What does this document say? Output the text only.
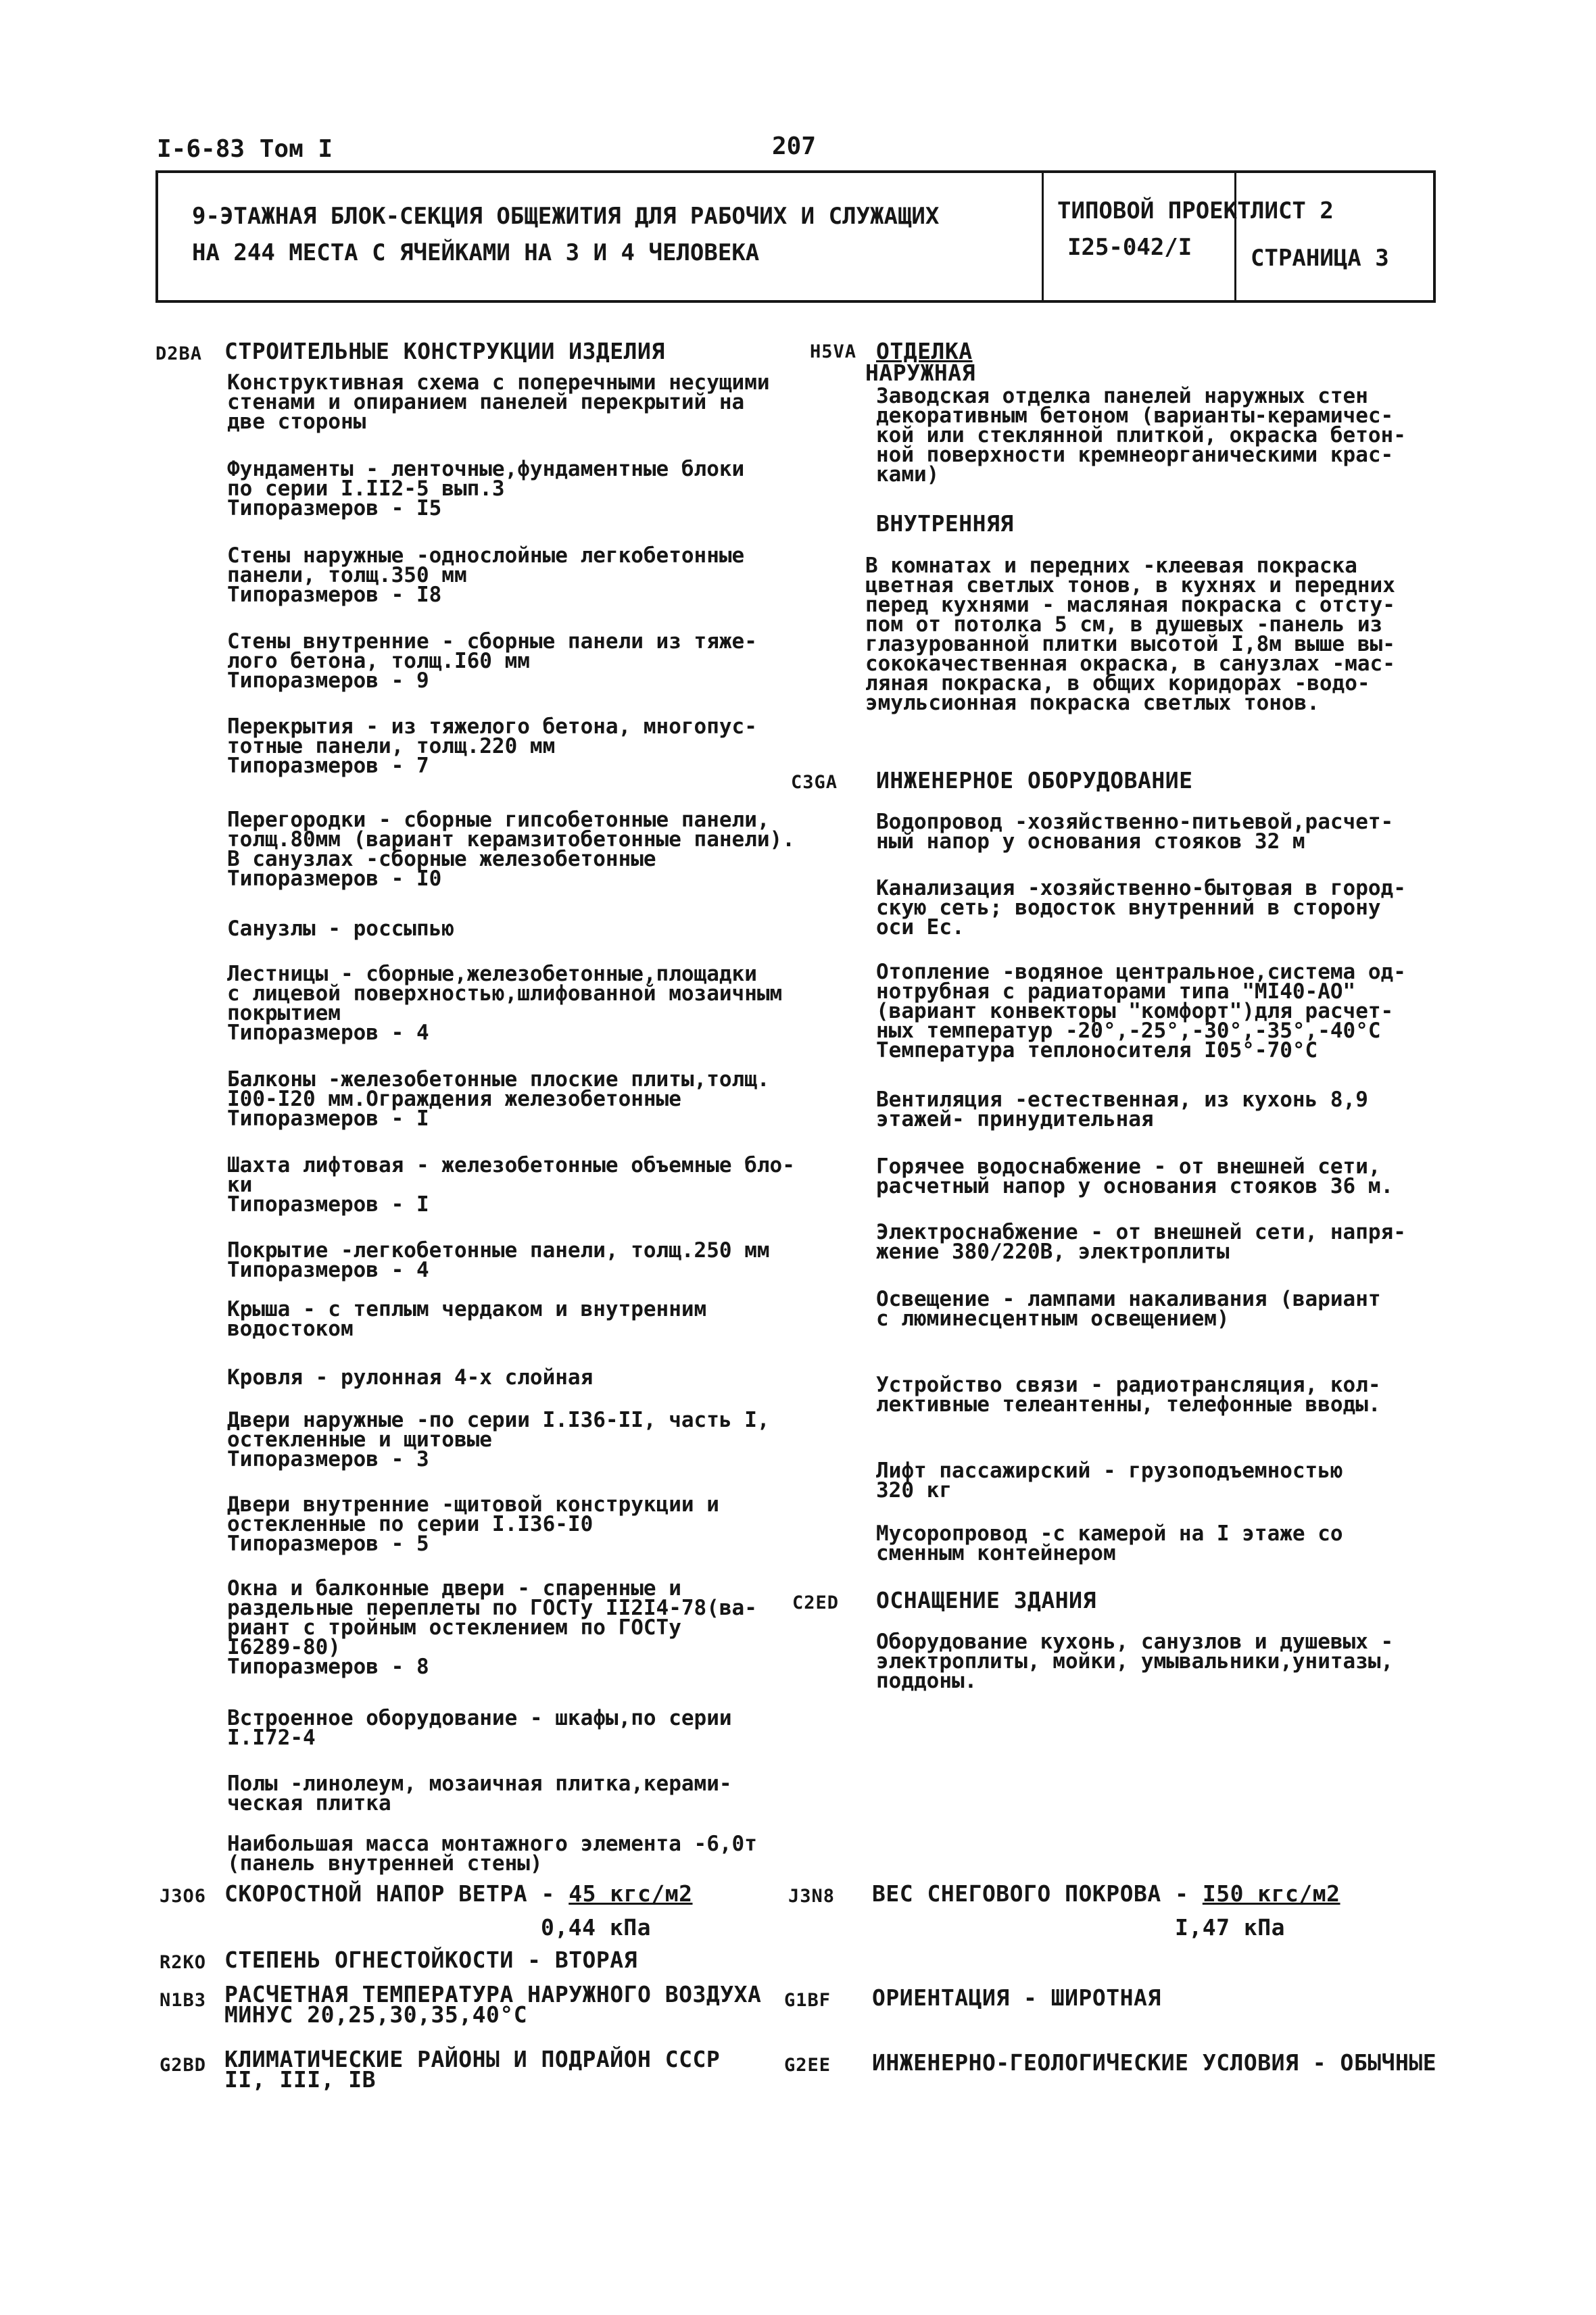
I-6-83 Том I	207
9-ЭТАЖНАЯ БЛОК-СЕКЦИЯ ОБЩЕЖИТИЯ ДЛЯ РАБОЧИХ И СЛУЖАЩИХ
НА 244 МЕСТА С ЯЧЕЙКАМИ НА 3 И 4 ЧЕЛОВЕКА
ТИПОВОЙ ПРОЕКТ
I25-042/I
ЛИСТ 2
СТРАНИЦА 3
D2BA СТРОИТЕЛЬНЫЕ КОНСТРУКЦИИ ИЗДЕЛИЯ
Конструктивная схема с поперечными несущими
стенами и опиранием панелей перекрытий на
две стороны
Фундаменты - ленточные,фундаментные блоки
по серии I.II2-5 вып.3
Типоразмеров - I5
Стены наружные -однослойные легкобетонные
панели, толщ.350 мм
Типоразмеров - I8
Стены внутренние - сборные панели из тяже-
лого бетона, толщ.I60 мм
Типоразмеров - 9
Перекрытия - из тяжелого бетона, многопус-
тотные панели, толщ.220 мм
Типоразмеров - 7
Перегородки - сборные гипсобетонные панели,
толщ.80мм (вариант керамзитобетонные панели).
В санузлах -сборные железобетонные
Типоразмеров - I0
Санузлы - россыпью
Лестницы - сборные,железобетонные,площадки
с лицевой поверхностью,шлифованной мозаичным
покрытием
Типоразмеров - 4
Балконы -железобетонные плоские плиты,толщ.
I00-I20 мм.Ограждения железобетонные
Типоразмеров - I
Шахта лифтовая - железобетонные объемные бло-
ки
Типоразмеров - I
Покрытие -легкобетонные панели, толщ.250 мм
Типоразмеров - 4
Крыша - с теплым чердаком и внутренним
водостоком
Кровля - рулонная 4-х слойная
Двери наружные -по серии I.I36-II, часть I,
остекленные и щитовые
Типоразмеров - 3
Двери внутренние -щитовой конструкции и
остекленные по серии I.I36-I0
Типоразмеров - 5
Окна и балконные двери - спаренные и
раздельные переплеты по ГОСТу II2I4-78(ва-
риант с тройным остеклением по ГОСТу
I6289-80)
Типоразмеров - 8
Встроенное оборудование - шкафы,по серии
I.I72-4
Полы -линолеум, мозаичная плитка,керами-
ческая плитка
Наибольшая масса монтажного элемента -6,0т
(панель внутренней стены)
H5VA ОТДЕЛКА
НАРУЖНАЯ
Заводская отделка панелей наружных стен
декоративным бетоном (варианты-керамичес-
кой или стеклянной плиткой, окраска бетон-
ной поверхности кремнеорганическими крас-
ками)
ВНУТРЕННЯЯ
В комнатах и передних -клеевая покраска
цветная светлых тонов, в кухнях и передних
перед кухнями - масляная покраска с отсту-
пом от потолка 5 см, в душевых -панель из
глазурованной плитки высотой I,8м выше вы-
сококачественная окраска, в санузлах -мас-
ляная покраска, в общих коридорах -водо-
эмульсионная покраска светлых тонов.
C3GA ИНЖЕНЕРНОЕ ОБОРУДОВАНИЕ
Водопровод -хозяйственно-питьевой,расчет-
ный напор у основания стояков 32 м
Канализация -хозяйственно-бытовая в город-
скую сеть; водосток внутренний в сторону
оси Ес.
Отопление -водяное центральное,система од-
нотрубная с радиаторами типа "МI40-АО"
(вариант конвекторы "комфорт")для расчет-
ных температур -20°,-25°,-30°,-35°,-40°С
Температура теплоносителя I05°-70°С
Вентиляция -естественная, из кухонь 8,9
этажей- принудительная
Горячее водоснабжение - от внешней сети,
расчетный напор у основания стояков 36 м.
Электроснабжение - от внешней сети, напря-
жение 380/220В, электроплиты
Освещение - лампами накаливания (вариант
с люминесцентным освещением)
Устройство связи - радиотрансляция, кол-
лективные телеантенны, телефонные вводы.
Лифт пассажирский - грузоподъемностью
320 кг
Мусоропровод -с камерой на I этаже со
сменным контейнером
C2ED ОСНАЩЕНИЕ ЗДАНИЯ
Оборудование кухонь, санузлов и душевых -
электроплиты, мойки, умывальники,унитазы,
поддоны.
J3O6 СКОРОСТНОЙ НАПОР ВЕТРА - 45 кгс/м2
0,44 кПа
J3N8 ВЕС СНЕГОВОГО ПОКРОВА - I50 кгс/м2
I,47 кПа
R2KO СТЕПЕНЬ ОГНЕСТОЙКОСТИ - ВТОРАЯ
N1B3 РАСЧЕТНАЯ ТЕМПЕРАТУРА НАРУЖНОГО ВОЗДУХА
МИНУС 20,25,30,35,40°С
G1BF ОРИЕНТАЦИЯ - ШИРОТНАЯ
G2BD КЛИМАТИЧЕСКИЕ РАЙОНЫ И ПОДРАЙОН СССР
II, III, IB
G2EE ИНЖЕНЕРНО-ГЕОЛОГИЧЕСКИЕ УСЛОВИЯ - ОБЫЧНЫЕ
